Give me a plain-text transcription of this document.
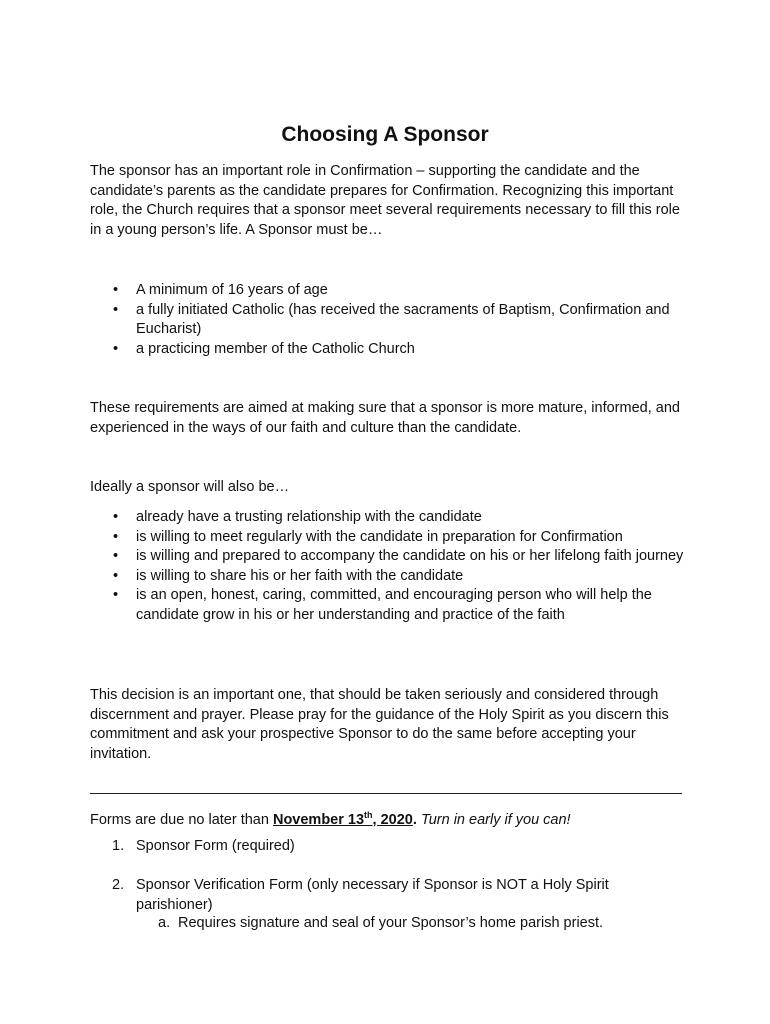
Choosing A Sponsor

The sponsor has an important role in Confirmation – supporting the candidate and the candidate’s parents as the candidate prepares for Confirmation. Recognizing this important role, the Church requires that a sponsor meet several requirements necessary to fill this role in a young person’s life. A Sponsor must be…

• A minimum of 16 years of age
• a fully initiated Catholic (has received the sacraments of Baptism, Confirmation and Eucharist)
• a practicing member of the Catholic Church

These requirements are aimed at making sure that a sponsor is more mature, informed, and experienced in the ways of our faith and culture than the candidate.

Ideally a sponsor will also be…

• already have a trusting relationship with the candidate
• is willing to meet regularly with the candidate in preparation for Confirmation
• is willing and prepared to accompany the candidate on his or her lifelong faith journey
• is willing to share his or her faith with the candidate
• is an open, honest, caring, committed, and encouraging person who will help the candidate grow in his or her understanding and practice of the faith

This decision is an important one, that should be taken seriously and considered through discernment and prayer. Please pray for the guidance of the Holy Spirit as you discern this commitment and ask your prospective Sponsor to do the same before accepting your invitation.

Forms are due no later than November 13th, 2020. Turn in early if you can!

1. Sponsor Form (required)
2. Sponsor Verification Form (only necessary if Sponsor is NOT a Holy Spirit parishioner)
a. Requires signature and seal of your Sponsor’s home parish priest.
